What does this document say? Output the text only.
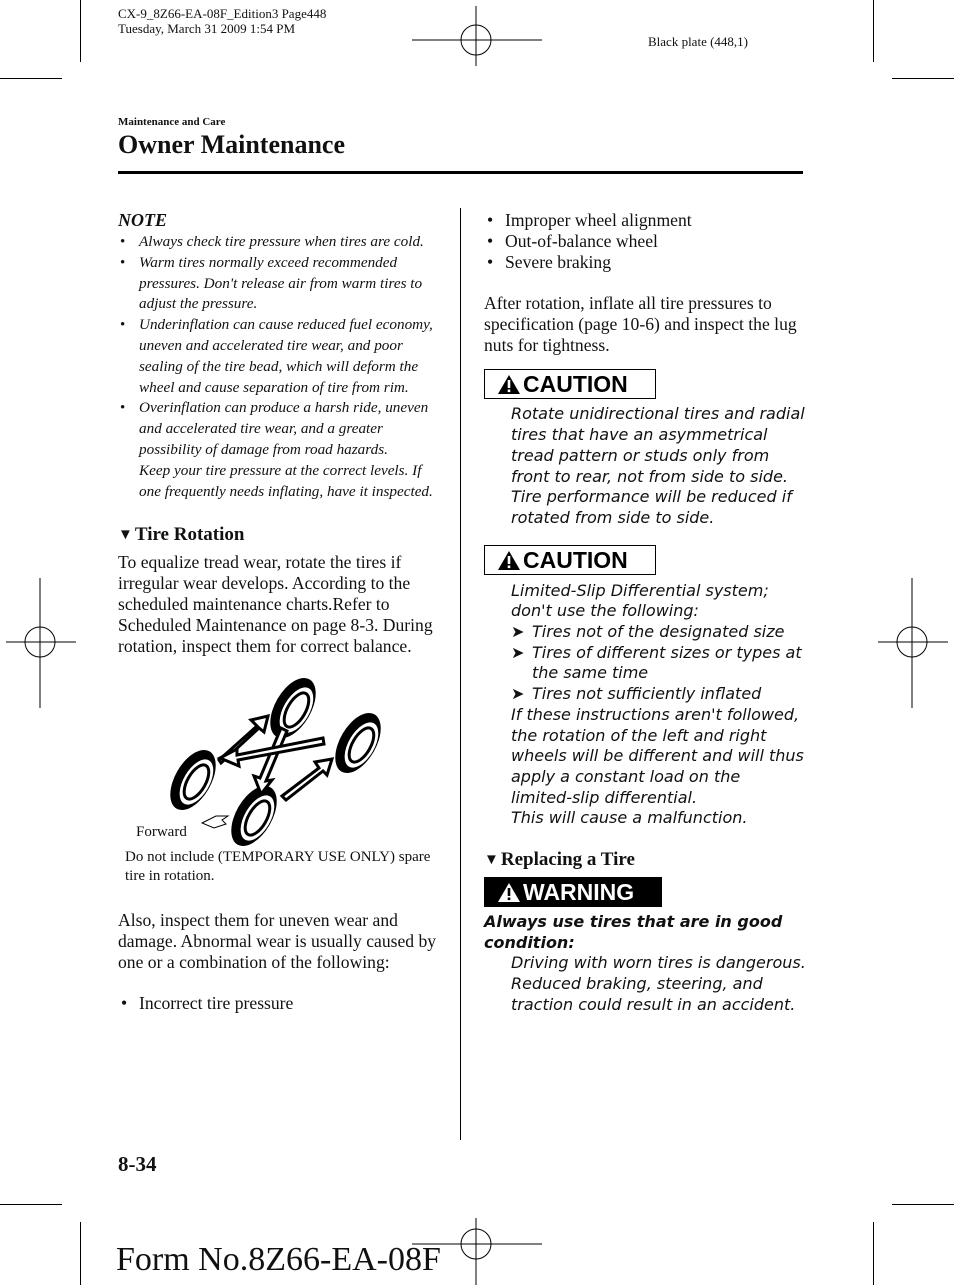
CX-9_8Z66-EA-08F_Edition3 Page448
Tuesday, March 31 2009 1:54 PM
Black plate (448,1)
Maintenance and Care
Owner Maintenance
NOTE
• Always check tire pressure when tires are cold.
• Warm tires normally exceed recommended pressures. Don't release air from warm tires to adjust the pressure.
• Underinflation can cause reduced fuel economy, uneven and accelerated tire wear, and poor sealing of the tire bead, which will deform the wheel and cause separation of tire from rim.
• Overinflation can produce a harsh ride, uneven and accelerated tire wear, and a greater possibility of damage from road hazards.
Keep your tire pressure at the correct levels. If one frequently needs inflating, have it inspected.
▼ Tire Rotation
To equalize tread wear, rotate the tires if irregular wear develops. According to the scheduled maintenance charts.Refer to Scheduled Maintenance on page 8-3. During rotation, inspect them for correct balance.
Forward
Do not include (TEMPORARY USE ONLY) spare tire in rotation.
Also, inspect them for uneven wear and damage. Abnormal wear is usually caused by one or a combination of the following:
• Incorrect tire pressure
• Improper wheel alignment
• Out-of-balance wheel
• Severe braking
After rotation, inflate all tire pressures to specification (page 10-6) and inspect the lug nuts for tightness.
CAUTION
Rotate unidirectional tires and radial tires that have an asymmetrical tread pattern or studs only from front to rear, not from side to side. Tire performance will be reduced if rotated from side to side.
CAUTION
Limited-Slip Differential system; don't use the following:
➤ Tires not of the designated size
➤ Tires of different sizes or types at the same time
➤ Tires not sufficiently inflated
If these instructions aren't followed, the rotation of the left and right wheels will be different and will thus apply a constant load on the limited-slip differential.
This will cause a malfunction.
▼ Replacing a Tire
WARNING
Always use tires that are in good condition:
Driving with worn tires is dangerous. Reduced braking, steering, and traction could result in an accident.
8-34
Form No.8Z66-EA-08F
